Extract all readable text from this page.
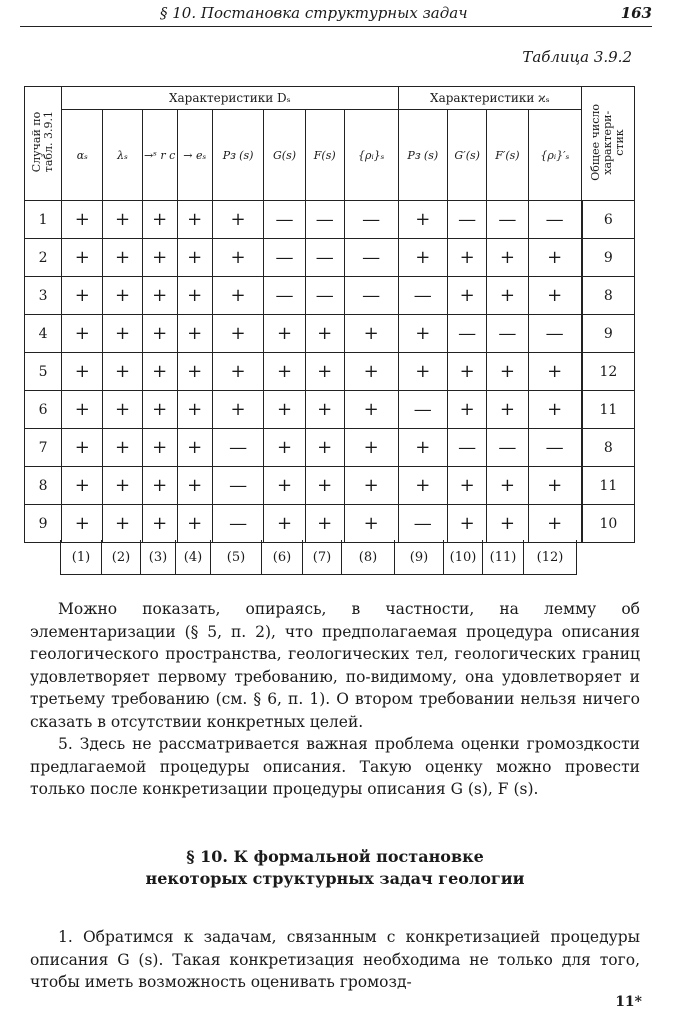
§ 10. Постановка структурных задач	163
Таблица 3.9.2
Случай по
табл. 3.9.1	Характеристики Dₛ								Характеристики ϰₛ				Общее число
характери-
стик
	αₛ	λₛ	→ˢ r c	→ eₛ	Pᴈ (s)	G(s)	F(s)	{ρᵢ}ₛ	Pᴈ (s)	G′(s)	F′(s)	{ρᵢ}′ₛ	
1	+	+	+	+	+	—	—	—	+	—	—	—	6
2	+	+	+	+	+	—	—	—	+	+	+	+	9
3	+	+	+	+	+	—	—	—	—	+	+	+	8
4	+	+	+	+	+	+	+	+	+	—	—	—	9
5	+	+	+	+	+	+	+	+	+	+	+	+	12
6	+	+	+	+	+	+	+	+	—	+	+	+	11
7	+	+	+	+	—	+	+	+	+	—	—	—	8
8	+	+	+	+	—	+	+	+	+	+	+	+	11
9	+	+	+	+	—	+	+	+	—	+	+	+	10
(1)	(2)	(3)	(4)	(5)	(6)	(7)	(8)	(9)	(10)	(11)	(12)

Можно показать, опираясь, в частности, на лемму об элементаризации (§ 5, п. 2), что предполагаемая процедура описания геологического пространства, геологических тел, геологических границ удовлетворяет первому требованию, по-видимому, она удовлетворяет и третьему требованию (см. § 6, п. 1). О втором требовании нельзя ничего сказать в отсутствии конкретных целей.

5. Здесь не рассматривается важная проблема оценки громоздкости предлагаемой процедуры описания. Такую оценку можно провести только после конкретизации процедуры описания G (s), F (s).

§ 10. К формальной постановке
некоторых структурных задач геологии

1. Обратимся к задачам, связанным с конкретизацией процедуры описания G (s). Такая конкретизация необходима не только для того, чтобы иметь возможность оценивать громозд-

11*
